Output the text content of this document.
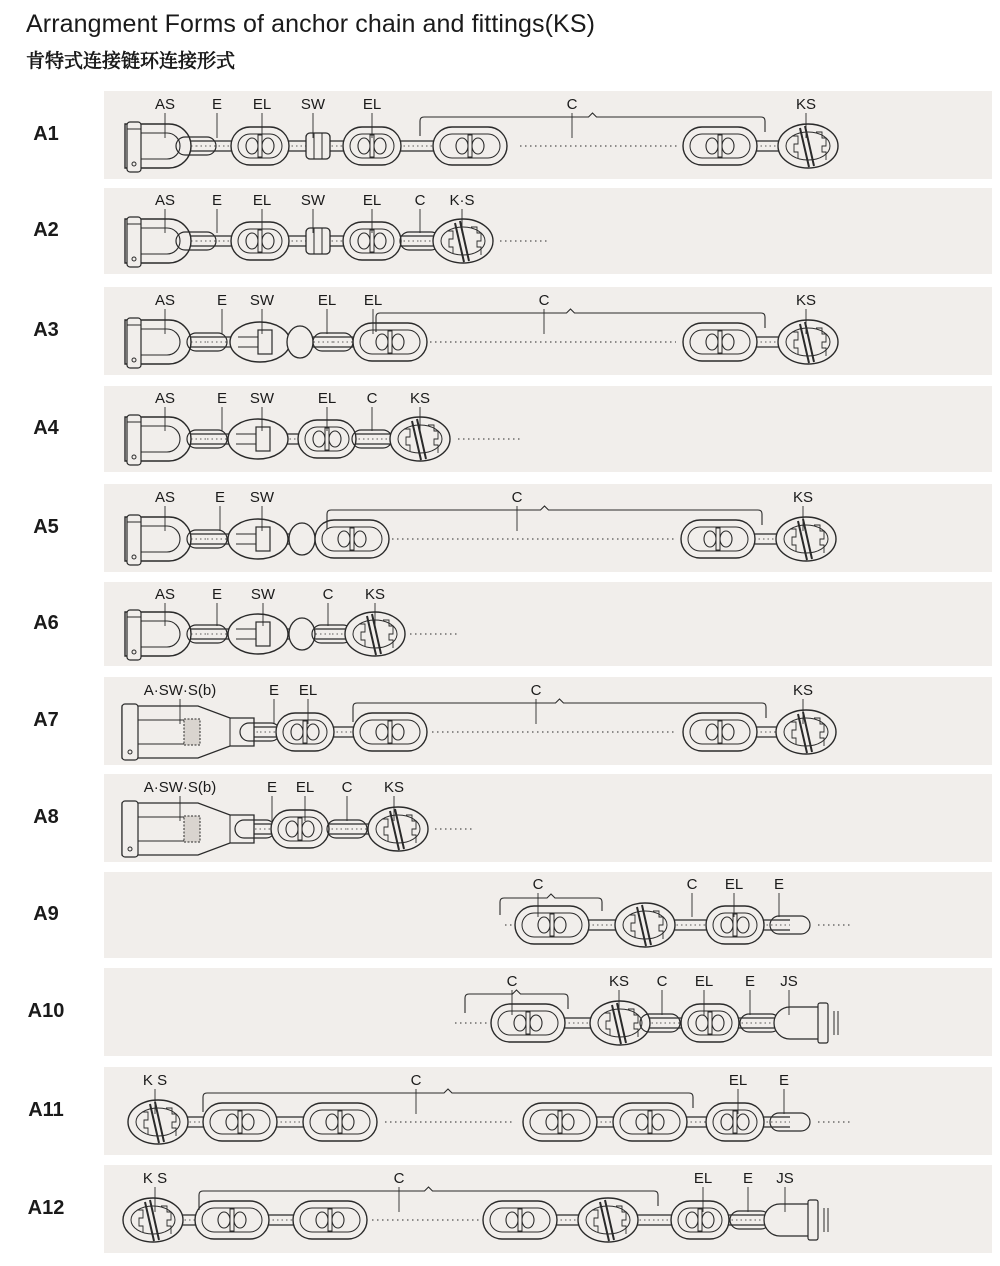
Arrangment Forms of anchor chain and fittings(KS)
肯特式连接链环连接形式
A1
AS E EL SW	EL	C	KS
A2
AS E EL SW	EL C K·S
A3
AS	E SW	EL EL	C	KS
A4
AS	E SW	EL C KS
A5
AS	E SW	C	KS
A6
AS E SW	C KS
A7
A·SW·S(b)	E EL	C	KS
A8
A·SW·S(b)	E EL C KS
A9
C	C EL E
A10
C	KS C EL E JS
A11
K S	C	EL E
A12
K S	C	EL E JS
